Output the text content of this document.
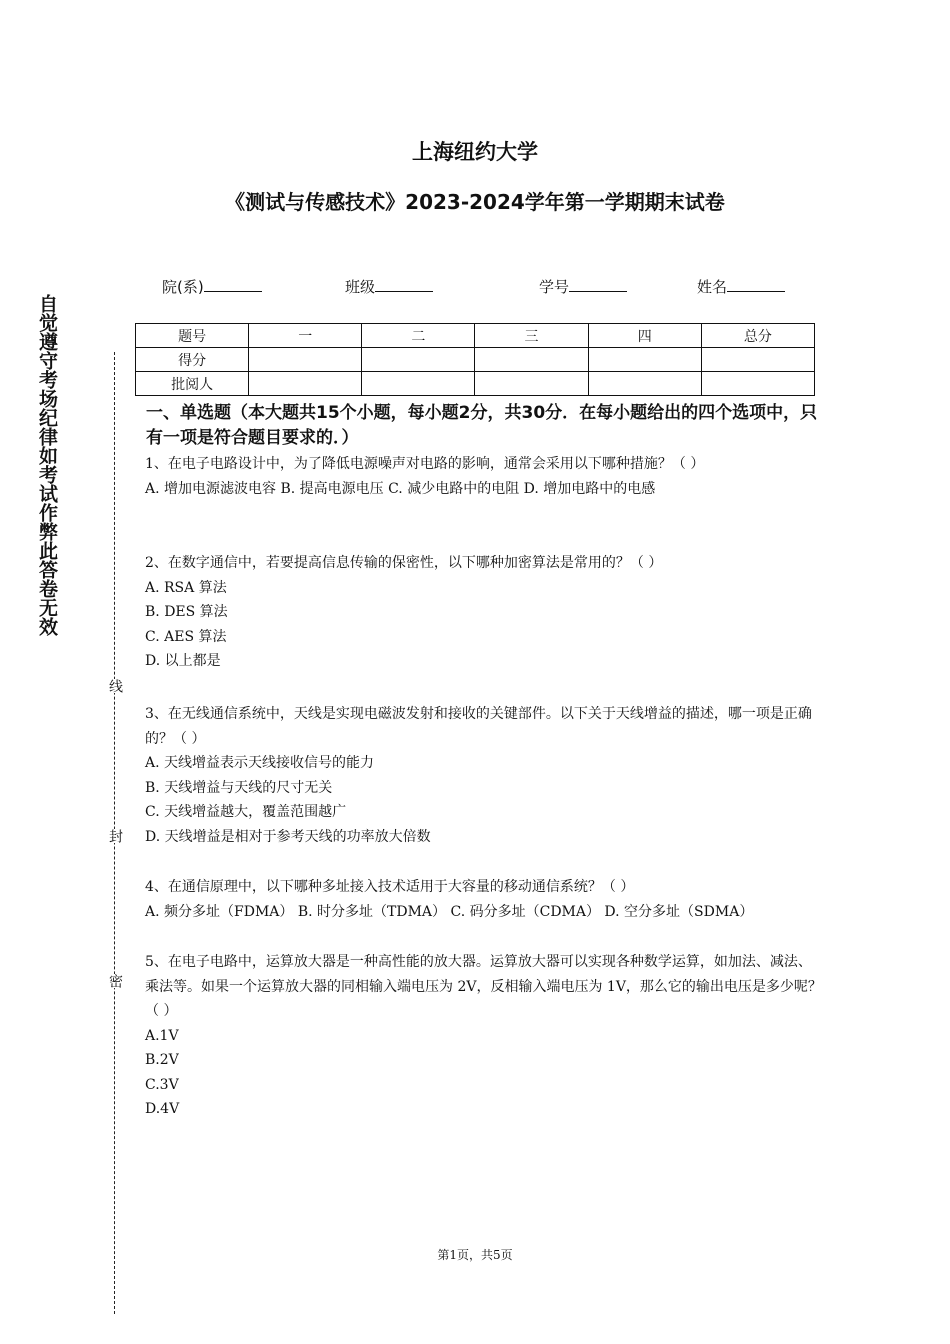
上海纽约大学
《测试与传感技术》2023-2024学年第一学期期末试卷
院(系)	班级	学号	姓名
题号	一	二	三	四	总分
得分					
批阅人					
自觉遵守考场纪律如考试作弊此答卷无效
线
封
密
一、单选题（本大题共15个小题，每小题2分，共30分．在每小题给出的四个选项中，只有一项是符合题目要求的．）

1、在电子电路设计中，为了降低电源噪声对电路的影响，通常会采用以下哪种措施？（ ）

A. 增加电源滤波电容 B. 提高电源电压 C. 减少电路中的电阻 D. 增加电路中的电感

2、在数字通信中，若要提高信息传输的保密性，以下哪种加密算法是常用的？（ ）

A. RSA 算法

B. DES 算法

C. AES 算法

D. 以上都是

3、在无线通信系统中，天线是实现电磁波发射和接收的关键部件。以下关于天线增益的描述，哪一项是正确的？（ ）

A. 天线增益表示天线接收信号的能力

B. 天线增益与天线的尺寸无关

C. 天线增益越大，覆盖范围越广

D. 天线增益是相对于参考天线的功率放大倍数

4、在通信原理中，以下哪种多址接入技术适用于大容量的移动通信系统？（ ）

A. 频分多址（FDMA） B. 时分多址（TDMA） C. 码分多址（CDMA） D. 空分多址（SDMA）

5、在电子电路中，运算放大器是一种高性能的放大器。运算放大器可以实现各种数学运算，如加法、减法、乘法等。如果一个运算放大器的同相输入端电压为 2V，反相输入端电压为 1V，那么它的输出电压是多少呢？（ ）

A.1V

B.2V

C.3V

D.4V

第1页，共5页
